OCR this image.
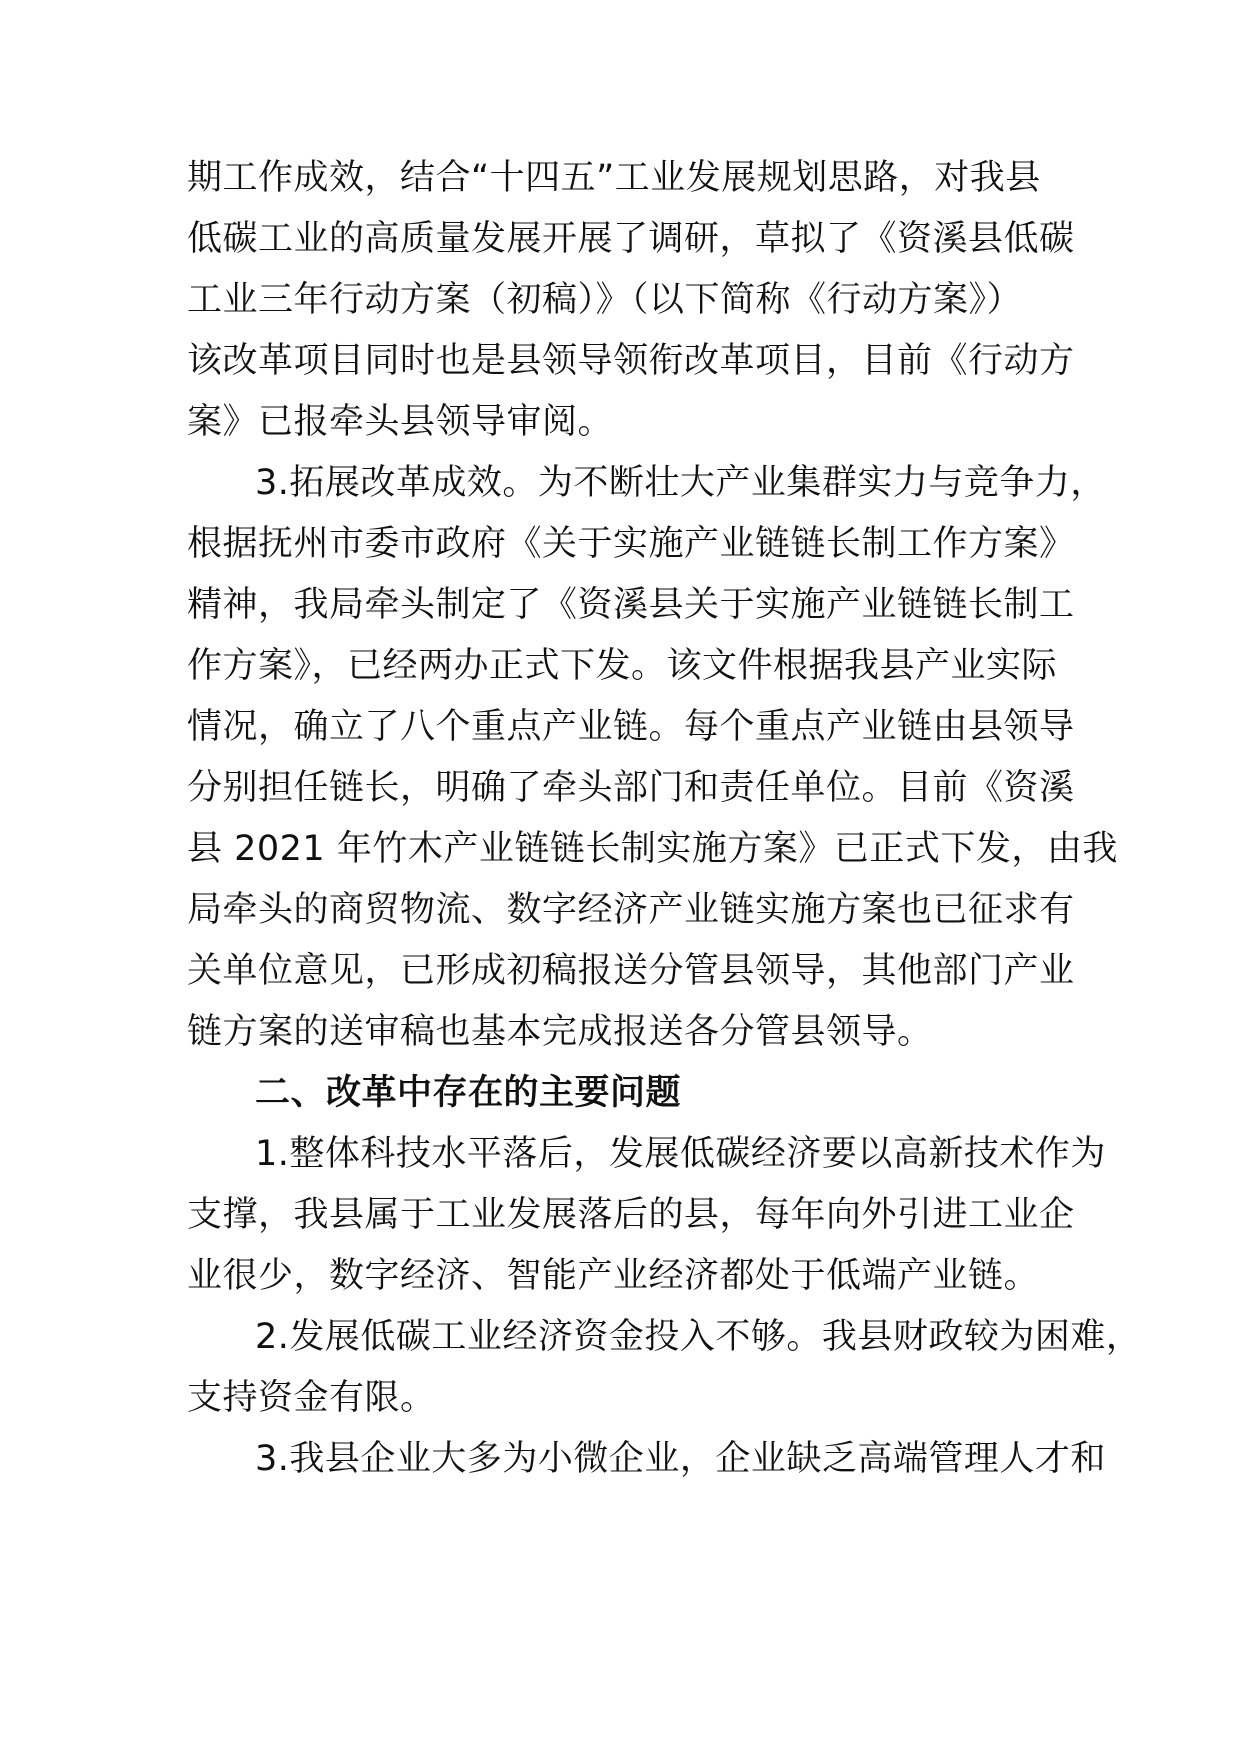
期工作成效，结合“十四五”工业发展规划思路，对我县
低碳工业的高质量发展开展了调研，草拟了《资溪县低碳
工业三年行动方案（初稿）》（以下简称《行动方案》）
该改革项目同时也是县领导领衔改革项目，目前《行动方
案》已报牵头县领导审阅。
3.拓展改革成效。为不断壮大产业集群实力与竞争力，
根据抚州市委市政府《关于实施产业链链长制工作方案》
精神，我局牵头制定了《资溪县关于实施产业链链长制工
作方案》，已经两办正式下发。该文件根据我县产业实际
情况，确立了八个重点产业链。每个重点产业链由县领导
分别担任链长，明确了牵头部门和责任单位。目前《资溪
县 2021 年竹木产业链链长制实施方案》已正式下发，由我
局牵头的商贸物流、数字经济产业链实施方案也已征求有
关单位意见，已形成初稿报送分管县领导，其他部门产业
链方案的送审稿也基本完成报送各分管县领导。
二、改革中存在的主要问题
1.整体科技水平落后，发展低碳经济要以高新技术作为
支撑，我县属于工业发展落后的县，每年向外引进工业企
业很少，数字经济、智能产业经济都处于低端产业链。
2.发展低碳工业经济资金投入不够。我县财政较为困难，
支持资金有限。
3.我县企业大多为小微企业，企业缺乏高端管理人才和
